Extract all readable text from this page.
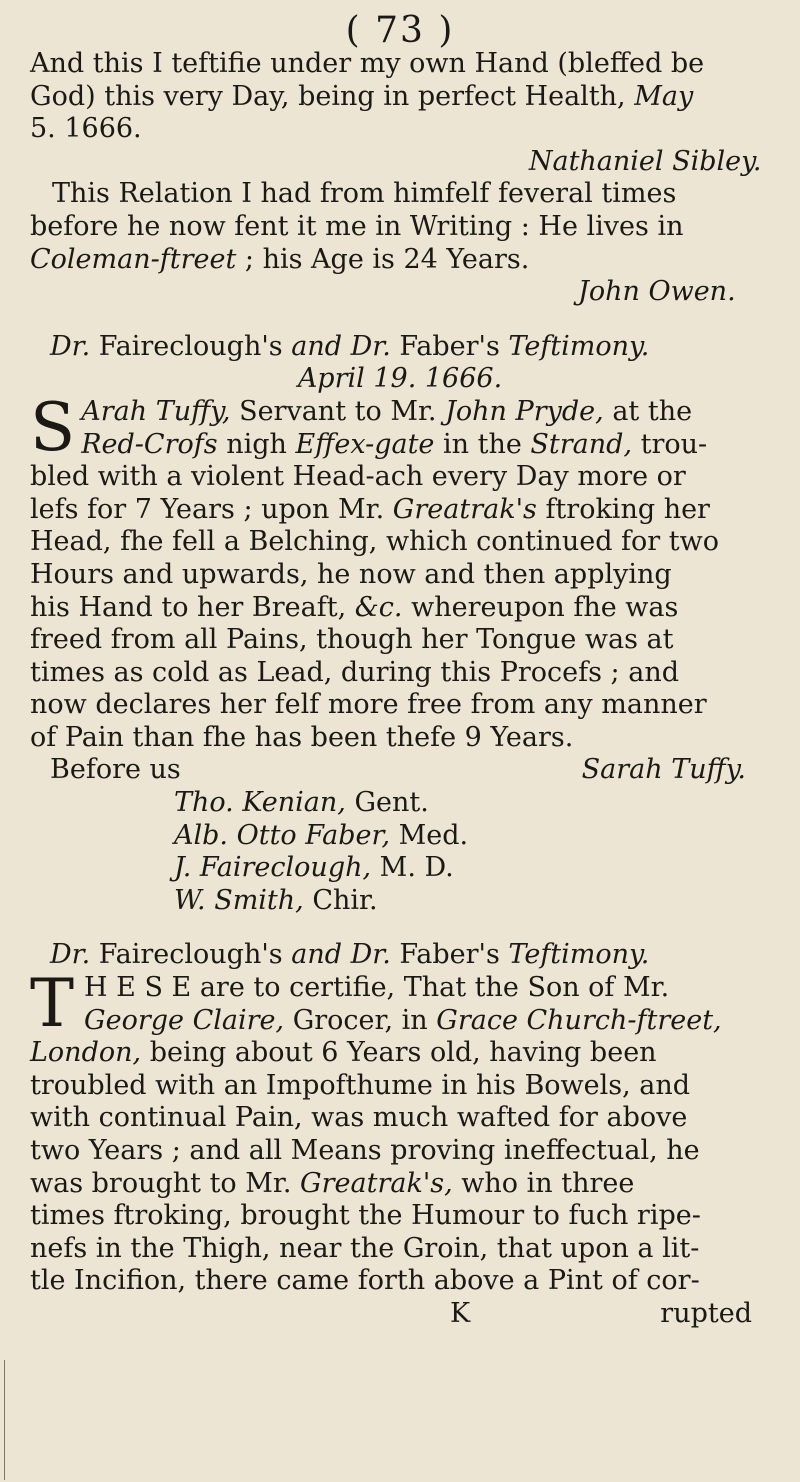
( 73 )
And this I teftifie under my own Hand (bleffed be
God) this very Day, being in perfect Health, May
5. 1666.
Nathaniel Sibley.
This Relation I had from himfelf feveral times
before he now fent it me in Writing : He lives in
Coleman-ftreet ; his Age is 24 Years.
John Owen.
Dr. Faireclough's and Dr. Faber's Teftimony.
April 19. 1666.
S Arah Tuffy, Servant to Mr. John Pryde, at the
Red-Crofs nigh Effex-gate in the Strand, trou-
bled with a violent Head-ach every Day more or
lefs for 7 Years ; upon Mr. Greatrak's ftroking her
Head, fhe fell a Belching, which continued for two
Hours and upwards, he now and then applying
his Hand to her Breaft, &c. whereupon fhe was
freed from all Pains, though her Tongue was at
times as cold as Lead, during this Procefs ; and
now declares her felf more free from any manner
of Pain than fhe has been thefe 9 Years.
Before us	Sarah Tuffy.
Tho. Kenian, Gent.
Alb. Otto Faber, Med.
J. Faireclough, M. D.
W. Smith, Chir.
Dr. Faireclough's and Dr. Faber's Teftimony.
T H E S E are to certifie, That the Son of Mr.
George Claire, Grocer, in Grace Church-ftreet,
London, being about 6 Years old, having been
troubled with an Impofthume in his Bowels, and
with continual Pain, was much wafted for above
two Years ; and all Means proving ineffectual, he
was brought to Mr. Greatrak's, who in three
times ftroking, brought the Humour to fuch ripe-
nefs in the Thigh, near the Groin, that upon a lit-
tle Incifion, there came forth above a Pint of cor-
K	rupted
